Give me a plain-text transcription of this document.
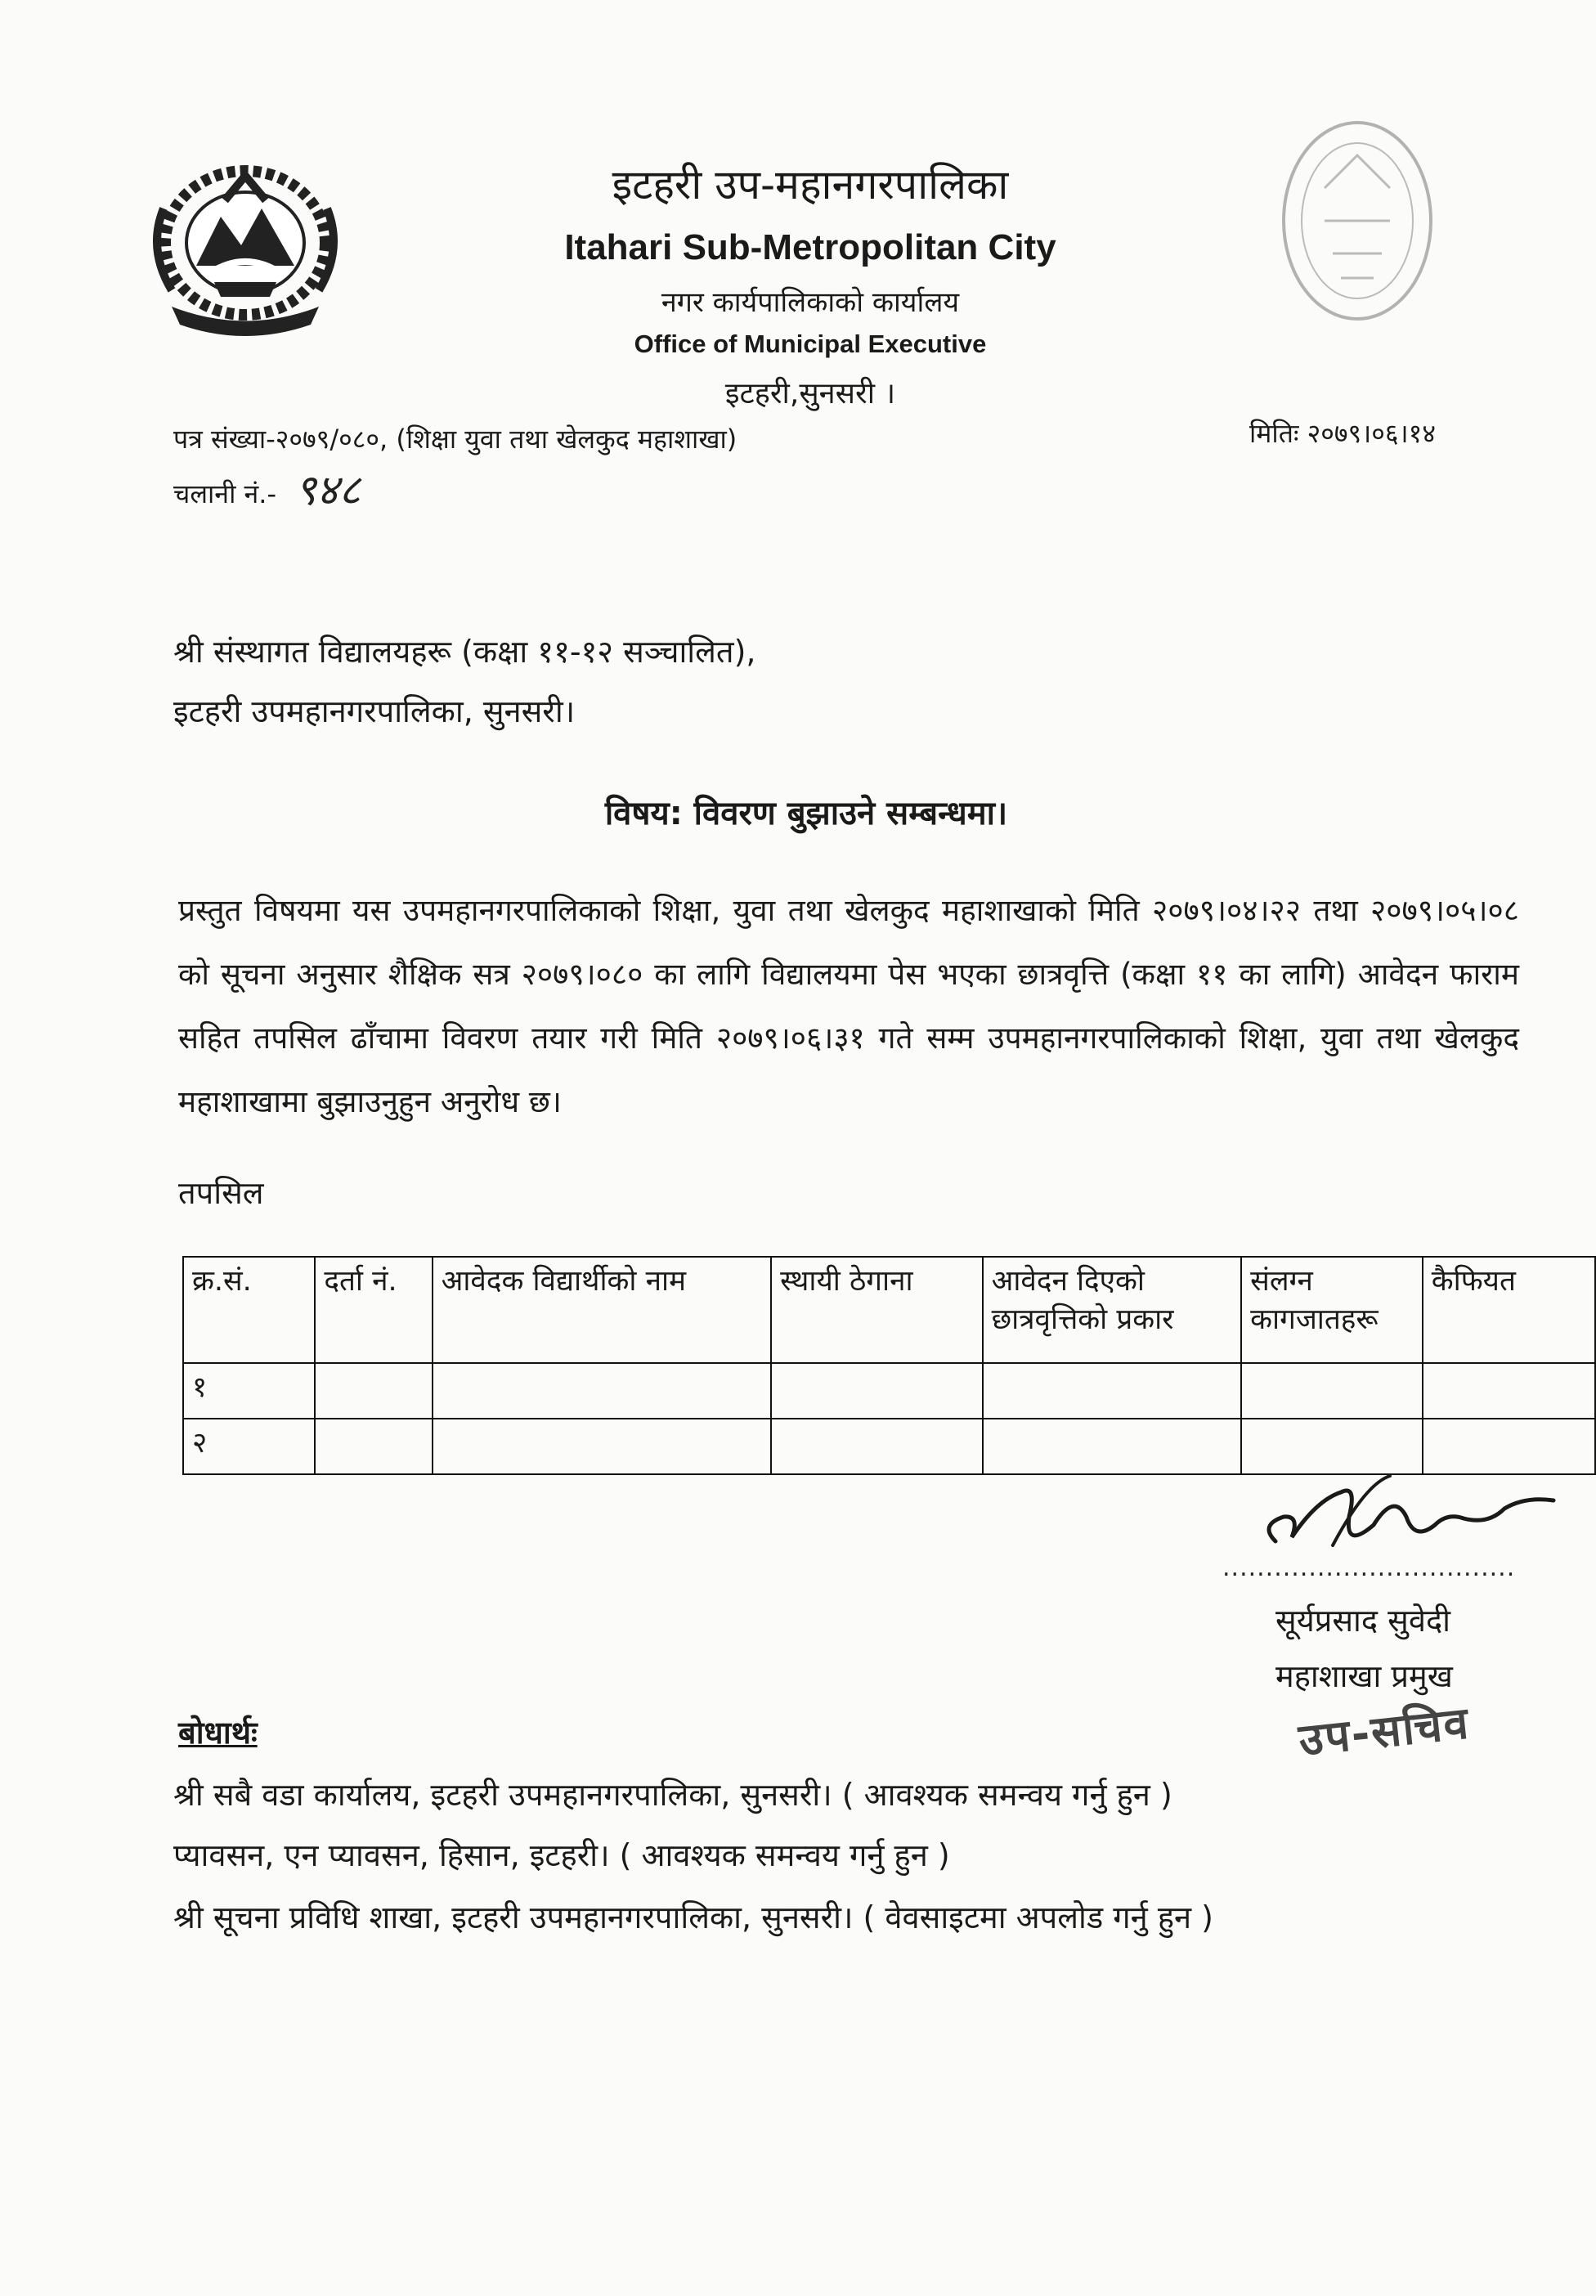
इटहरी उप-महानगरपालिका
Itahari Sub-Metropolitan City
नगर कार्यपालिकाको कार्यालय
Office of Municipal Executive
इटहरी,सुनसरी ।
पत्र संख्या-२०७९/०८०, (शिक्षा युवा तथा खेलकुद महाशाखा)	मितिः २०७९।०६।१४
चलानी नं.- ९४८
श्री संस्थागत विद्यालयहरू (कक्षा ११-१२ सञ्चालित),
इटहरी उपमहानगरपालिका, सुनसरी।
विषय: विवरण बुझाउने सम्बन्धमा।
प्रस्तुत विषयमा यस उपमहानगरपालिकाको शिक्षा, युवा तथा खेलकुद महाशाखाको मिति २०७९।०४।२२ तथा २०७९।०५।०८ को सूचना अनुसार शैक्षिक सत्र २०७९।०८० का लागि विद्यालयमा पेस भएका छात्रवृत्ति (कक्षा ११ का लागि) आवेदन फाराम सहित तपसिल ढाँचामा विवरण तयार गरी मिति २०७९।०६।३१ गते सम्म उपमहानगरपालिकाको शिक्षा, युवा तथा खेलकुद महाशाखामा बुझाउनुहुन अनुरोध छ।
तपसिल
क्र.सं.	दर्ता नं.	आवेदक विद्यार्थीको नाम	स्थायी ठेगाना	आवेदन दिएको छात्रवृत्तिको प्रकार	संलग्न कागजातहरू	कैफियत
१						
२						
..................................
सूर्यप्रसाद सुवेदी
महाशाखा प्रमुख
उप-सचिव
बोधार्थः
श्री सबै वडा कार्यालय, इटहरी उपमहानगरपालिका, सुनसरी। ( आवश्यक समन्वय गर्नु हुन )
प्यावसन, एन प्यावसन, हिसान, इटहरी। ( आवश्यक समन्वय गर्नु हुन )
श्री सूचना प्रविधि शाखा, इटहरी उपमहानगरपालिका, सुनसरी। ( वेवसाइटमा अपलोड गर्नु हुन )
